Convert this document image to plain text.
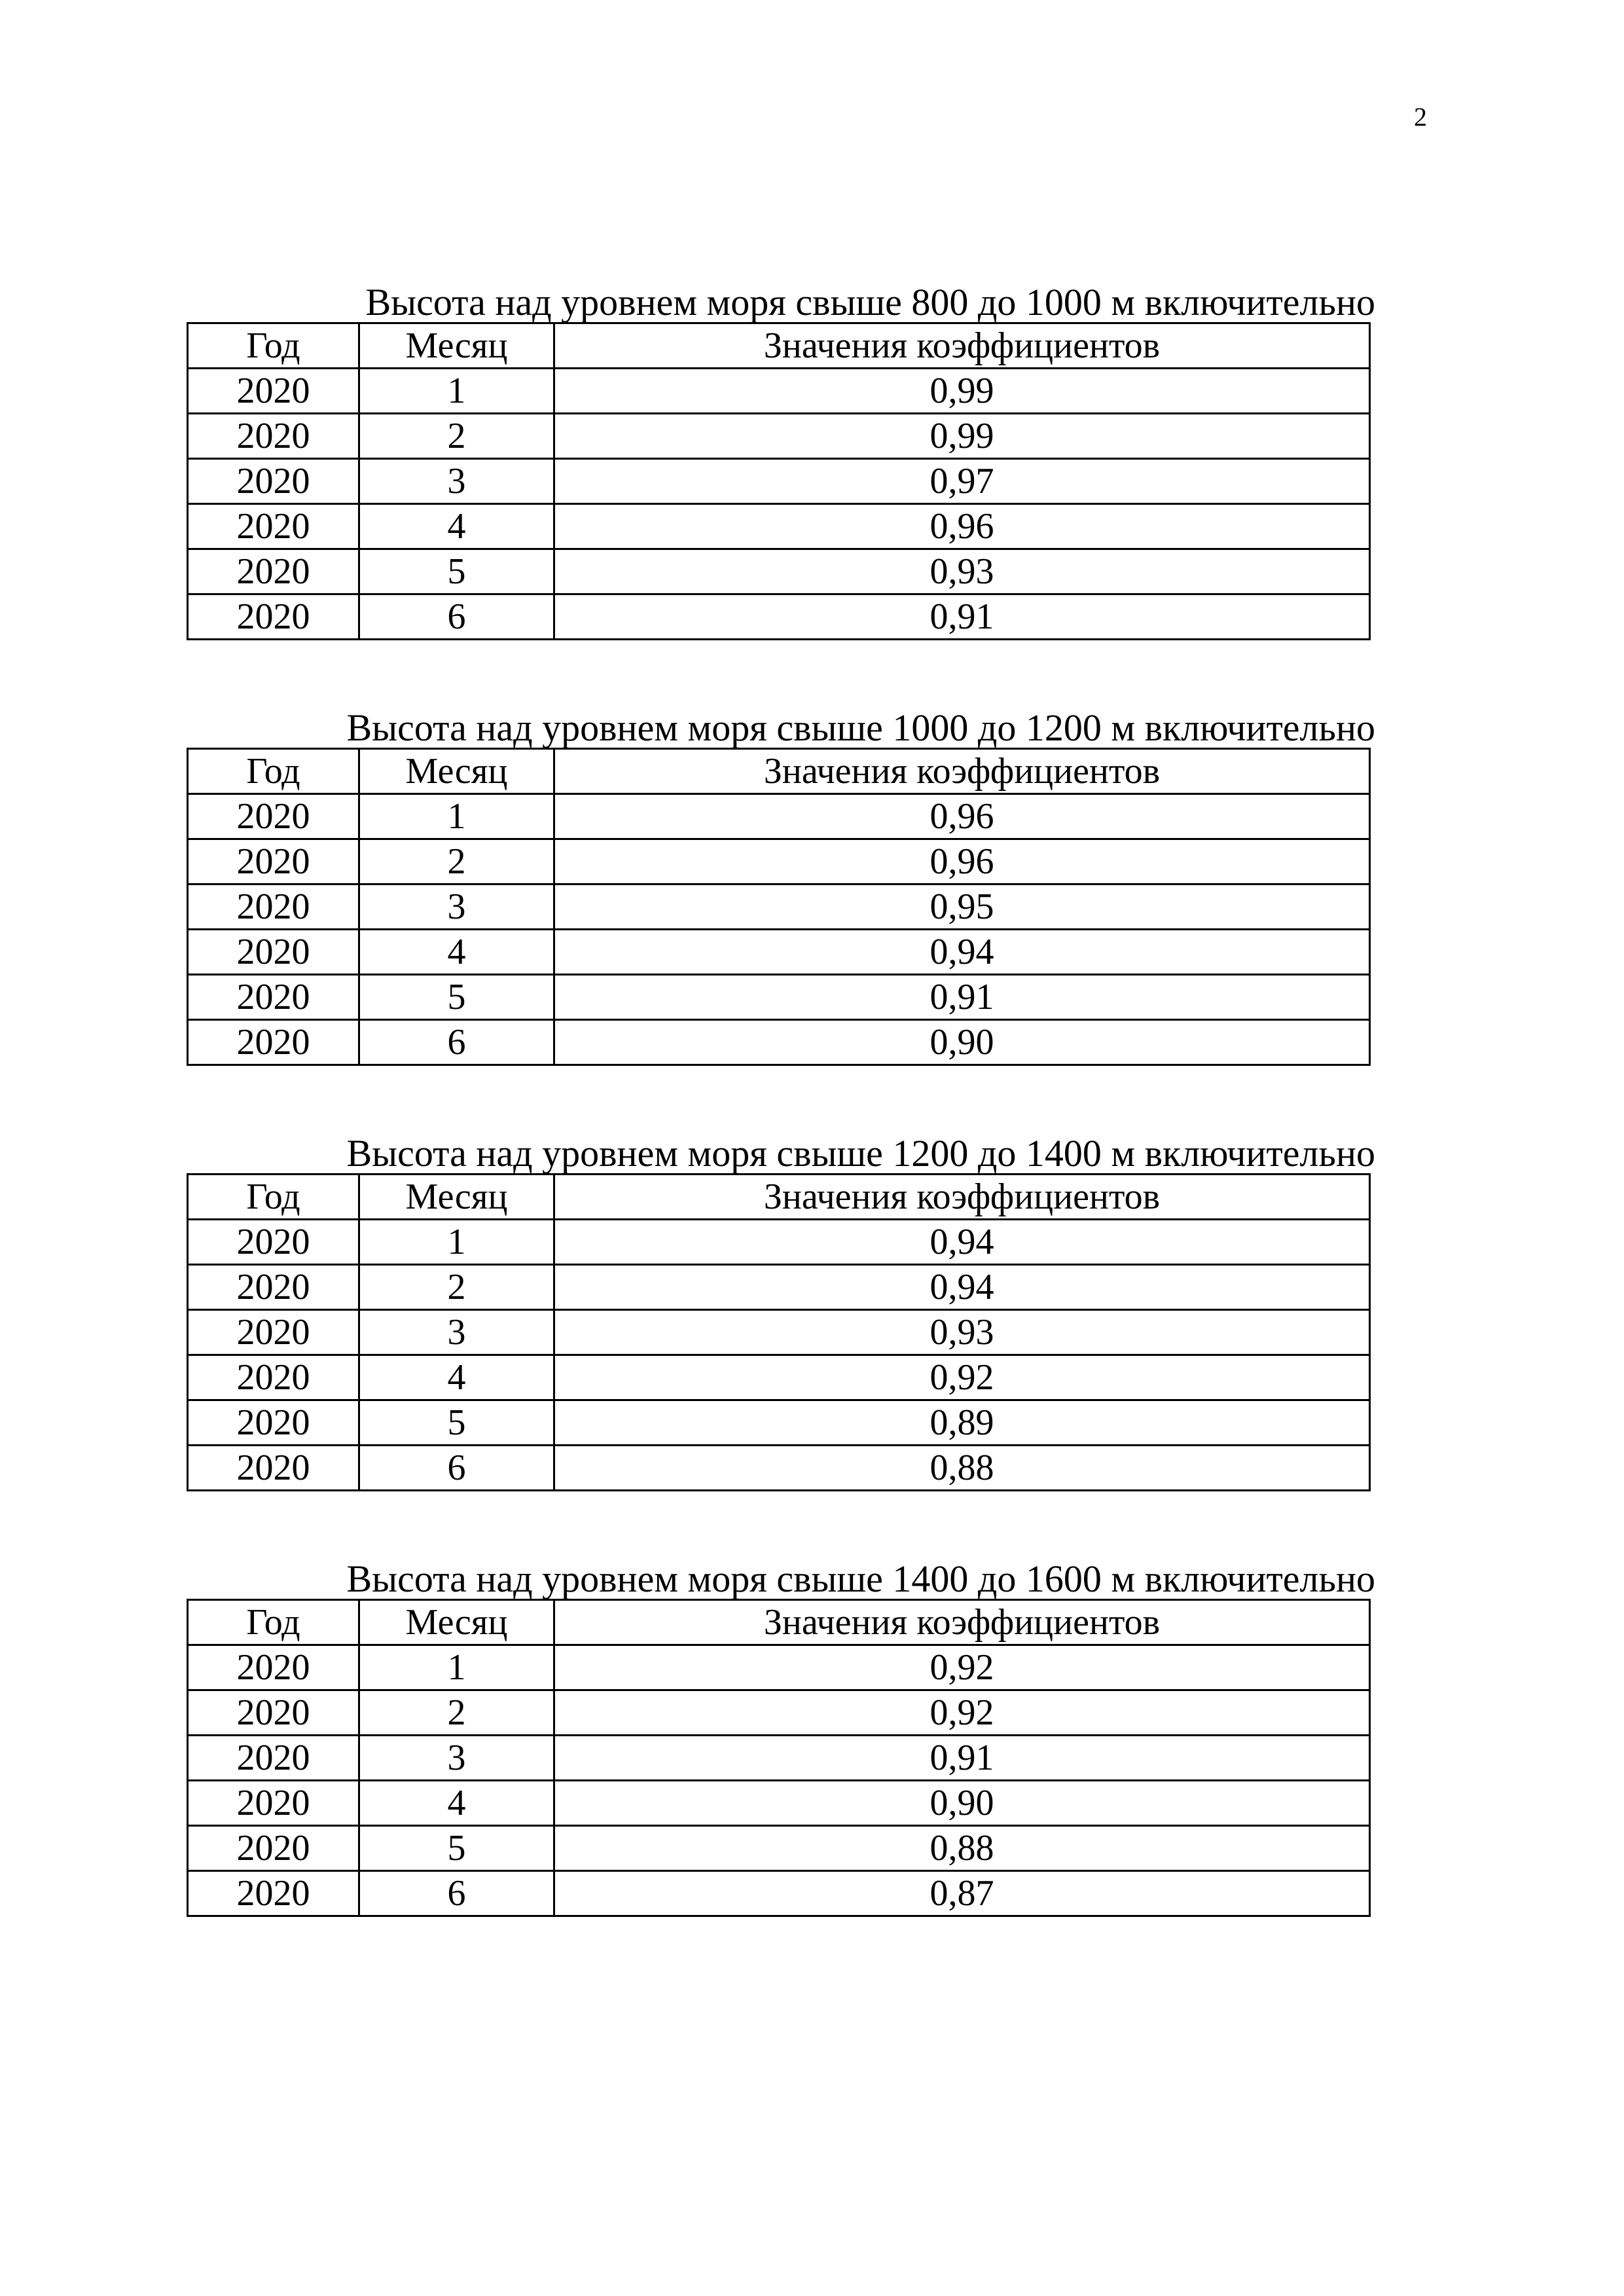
2
Высота над уровнем моря свыше 800 до 1000 м включительно
Год	Месяц	Значения коэффициентов
2020	1	0,99
2020	2	0,99
2020	3	0,97
2020	4	0,96
2020	5	0,93
2020	6	0,91
Высота над уровнем моря свыше 1000 до 1200 м включительно
Год	Месяц	Значения коэффициентов
2020	1	0,96
2020	2	0,96
2020	3	0,95
2020	4	0,94
2020	5	0,91
2020	6	0,90
Высота над уровнем моря свыше 1200 до 1400 м включительно
Год	Месяц	Значения коэффициентов
2020	1	0,94
2020	2	0,94
2020	3	0,93
2020	4	0,92
2020	5	0,89
2020	6	0,88
Высота над уровнем моря свыше 1400 до 1600 м включительно
Год	Месяц	Значения коэффициентов
2020	1	0,92
2020	2	0,92
2020	3	0,91
2020	4	0,90
2020	5	0,88
2020	6	0,87
